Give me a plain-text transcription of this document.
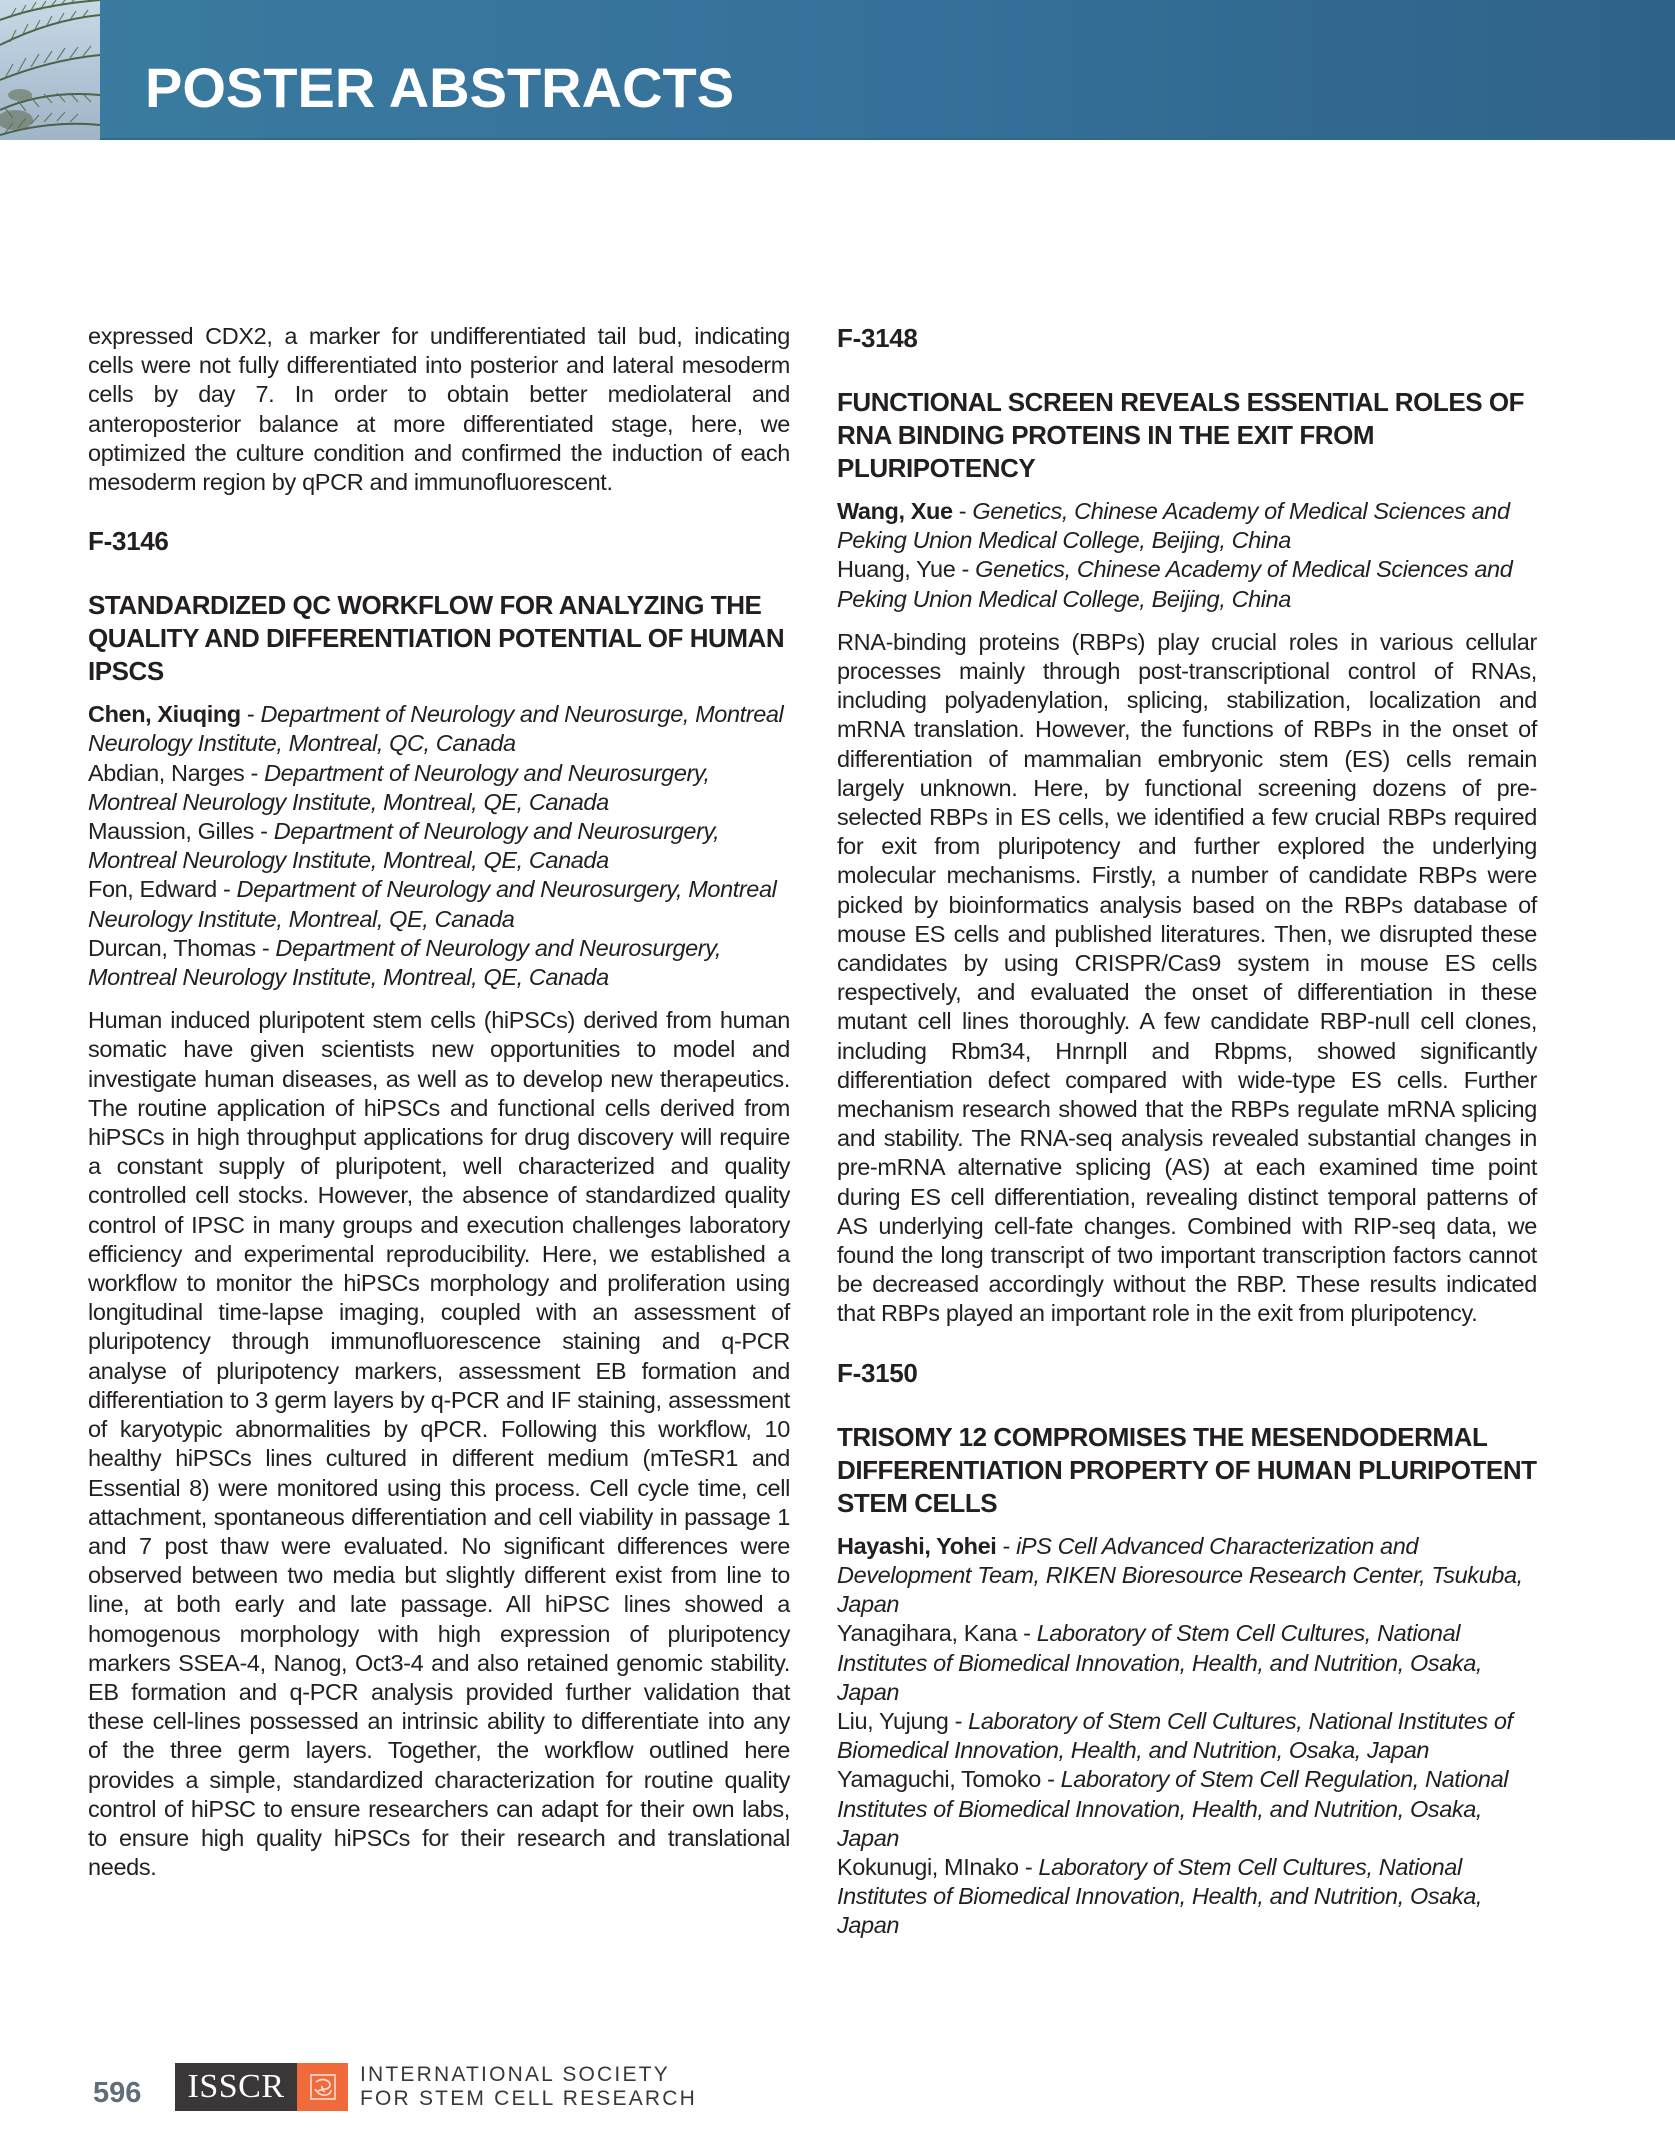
POSTER ABSTRACTS

expressed CDX2, a marker for undifferentiated tail bud, indicating cells were not fully differentiated into posterior and lateral mesoderm cells by day 7. In order to obtain better mediolateral and anteroposterior balance at more differentiated stage, here, we optimized the culture condition and confirmed the induction of each mesoderm region by qPCR and immunofluorescent.

F-3146

STANDARDIZED QC WORKFLOW FOR ANALYZING THE QUALITY AND DIFFERENTIATION POTENTIAL OF HUMAN IPSCS

Chen, Xiuqing - Department of Neurology and Neurosurge, Montreal Neurology Institute, Montreal, QC, Canada
Abdian, Narges - Department of Neurology and Neurosurgery, Montreal Neurology Institute, Montreal, QE, Canada
Maussion, Gilles - Department of Neurology and Neurosurgery, Montreal Neurology Institute, Montreal, QE, Canada
Fon, Edward - Department of Neurology and Neurosurgery, Montreal Neurology Institute, Montreal, QE, Canada
Durcan, Thomas - Department of Neurology and Neurosurgery, Montreal Neurology Institute, Montreal, QE, Canada

Human induced pluripotent stem cells (hiPSCs) derived from human somatic have given scientists new opportunities to model and investigate human diseases, as well as to develop new therapeutics. The routine application of hiPSCs and functional cells derived from hiPSCs in high throughput applications for drug discovery will require a constant supply of pluripotent, well characterized and quality controlled cell stocks. However, the absence of standardized quality control of IPSC in many groups and execution challenges laboratory efficiency and experimental reproducibility. Here, we established a workflow to monitor the hiPSCs morphology and proliferation using longitudinal time-lapse imaging, coupled with an assessment of pluripotency through immunofluorescence staining and q-PCR analyse of pluripotency markers, assessment EB formation and differentiation to 3 germ layers by q-PCR and IF staining, assessment of karyotypic abnormalities by qPCR. Following this workflow, 10 healthy hiPSCs lines cultured in different medium (mTeSR1 and Essential 8) were monitored using this process. Cell cycle time, cell attachment, spontaneous differentiation and cell viability in passage 1 and 7 post thaw were evaluated. No significant differences were observed between two media but slightly different exist from line to line, at both early and late passage. All hiPSC lines showed a homogenous morphology with high expression of pluripotency markers SSEA-4, Nanog, Oct3-4 and also retained genomic stability. EB formation and q-PCR analysis provided further validation that these cell-lines possessed an intrinsic ability to differentiate into any of the three germ layers. Together, the workflow outlined here provides a simple, standardized characterization for routine quality control of hiPSC to ensure researchers can adapt for their own labs, to ensure high quality hiPSCs for their research and translational needs.

F-3148

FUNCTIONAL SCREEN REVEALS ESSENTIAL ROLES OF RNA BINDING PROTEINS IN THE EXIT FROM PLURIPOTENCY

Wang, Xue - Genetics, Chinese Academy of Medical Sciences and Peking Union Medical College, Beijing, China
Huang, Yue - Genetics, Chinese Academy of Medical Sciences and Peking Union Medical College, Beijing, China

RNA-binding proteins (RBPs) play crucial roles in various cellular processes mainly through post-transcriptional control of RNAs, including polyadenylation, splicing, stabilization, localization and mRNA translation. However, the functions of RBPs in the onset of differentiation of mammalian embryonic stem (ES) cells remain largely unknown. Here, by functional screening dozens of pre-selected RBPs in ES cells, we identified a few crucial RBPs required for exit from pluripotency and further explored the underlying molecular mechanisms. Firstly, a number of candidate RBPs were picked by bioinformatics analysis based on the RBPs database of mouse ES cells and published literatures. Then, we disrupted these candidates by using CRISPR/Cas9 system in mouse ES cells respectively, and evaluated the onset of differentiation in these mutant cell lines thoroughly. A few candidate RBP-null cell clones, including Rbm34, Hnrnpll and Rbpms, showed significantly differentiation defect compared with wide-type ES cells. Further mechanism research showed that the RBPs regulate mRNA splicing and stability. The RNA-seq analysis revealed substantial changes in pre-mRNA alternative splicing (AS) at each examined time point during ES cell differentiation, revealing distinct temporal patterns of AS underlying cell-fate changes. Combined with RIP-seq data, we found the long transcript of two important transcription factors cannot be decreased accordingly without the RBP. These results indicated that RBPs played an important role in the exit from pluripotency.

F-3150

TRISOMY 12 COMPROMISES THE MESENDODERMAL DIFFERENTIATION PROPERTY OF HUMAN PLURIPOTENT STEM CELLS

Hayashi, Yohei - iPS Cell Advanced Characterization and Development Team, RIKEN Bioresource Research Center, Tsukuba, Japan
Yanagihara, Kana - Laboratory of Stem Cell Cultures, National Institutes of Biomedical Innovation, Health, and Nutrition, Osaka, Japan
Liu, Yujung - Laboratory of Stem Cell Cultures, National Institutes of Biomedical Innovation, Health, and Nutrition, Osaka, Japan
Yamaguchi, Tomoko - Laboratory of Stem Cell Regulation, National Institutes of Biomedical Innovation, Health, and Nutrition, Osaka, Japan
Kokunugi, MInako - Laboratory of Stem Cell Cultures, National Institutes of Biomedical Innovation, Health, and Nutrition, Osaka, Japan
596	ISSCR	INTERNATIONAL SOCIETY
FOR STEM CELL RESEARCH
